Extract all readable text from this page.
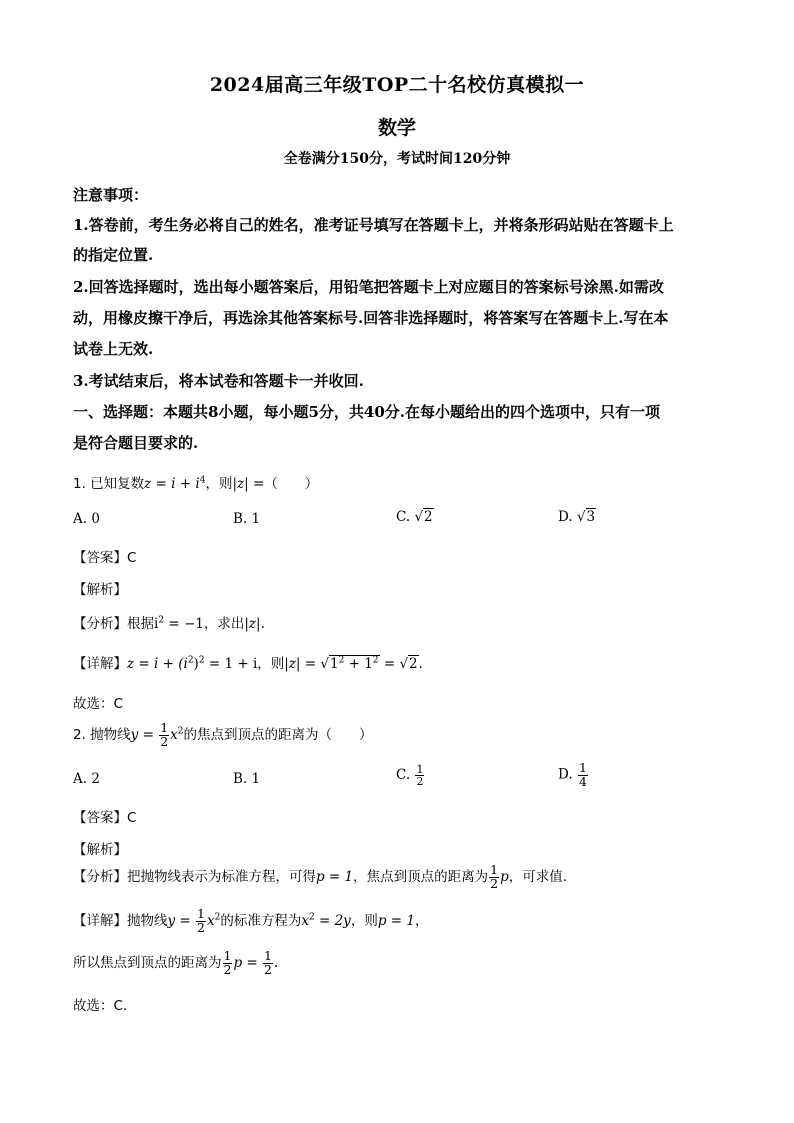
2024届高三年级TOP二十名校仿真模拟一
数学
全卷满分150分，考试时间120分钟
注意事项：
1.答卷前，考生务必将自己的姓名，准考证号填写在答题卡上，并将条形码站贴在答题卡上
的指定位置.
2.回答选择题时，选出每小题答案后，用铅笔把答题卡上对应题目的答案标号涂黑.如需改
动，用橡皮擦干净后，再选涂其他答案标号.回答非选择题时，将答案写在答题卡上.写在本
试卷上无效.
3.考试结束后，将本试卷和答题卡一并收回.
一、选择题：本题共8小题，每小题5分，共40分.在每小题给出的四个选项中，只有一项
是符合题目要求的.
1. 已知复数$z = i + i^4$，则|z| =（　　）
A. 0	B. 1	C. √2	D. √3
【答案】C
【解析】
【分析】根据$i^2 = -1$，求出|z|.
【详解】$z = i + (i^2)^2 = 1 + i$，则$|z| = √1^2 + 1^2 = √2$.
故选：C
2. 抛物线$y = \frac{1}{2} x^2$的焦点到顶点的距离为（　　）
A. 2	B. 1	C. $\frac{1}{2}$	D. $\frac{1}{4}$
【答案】C
【解析】
【分析】把抛物线表示为标准方程，可得p = 1，焦点到顶点的距离为 $\frac{1}{2}$ p，可求值.
【详解】抛物线$y = \frac{1}{2} x^2$的标准方程为$x^2 = 2y$，则p = 1，
所以焦点到顶点的距离为 $\frac{1}{2}$ $p = \frac{1}{2}$ .
故选：C.
